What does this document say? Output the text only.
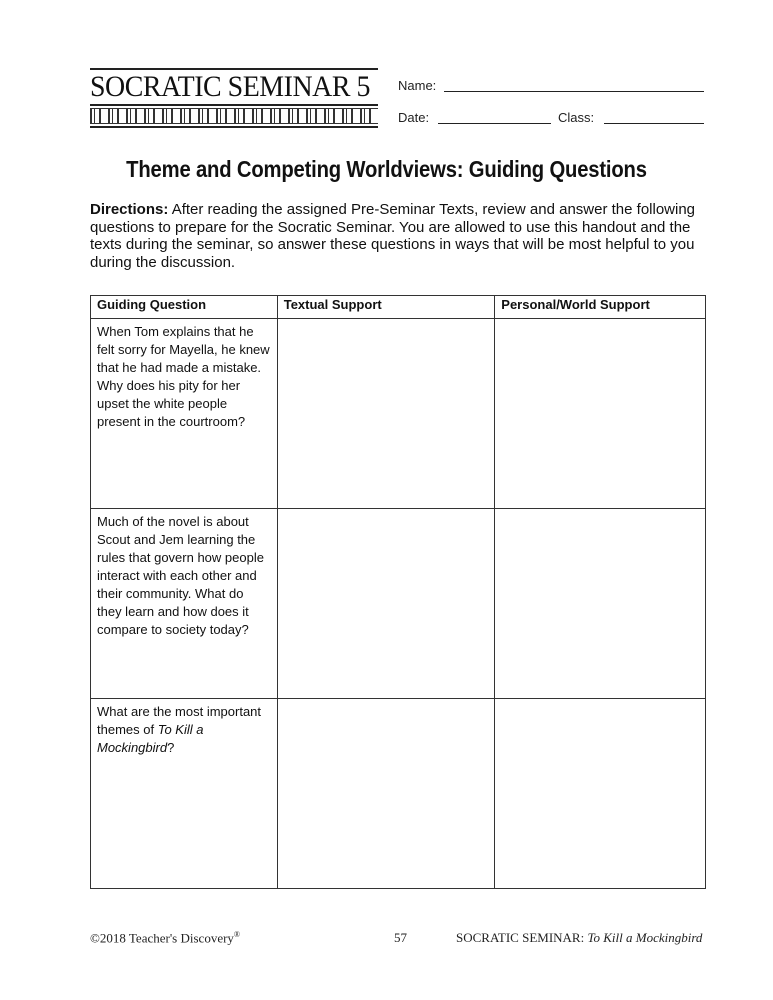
SOCRATIC SEMINAR 5 Name:
Date:	Class:
Theme and Competing Worldviews: Guiding Questions
Directions: After reading the assigned Pre-Seminar Texts, review and answer the following questions to prepare for the Socratic Seminar. You are allowed to use this handout and the texts during the seminar, so answer these questions in ways that will be most helpful to you during the discussion.
Guiding Question	Textual Support	Personal/World Support
When Tom explains that he felt sorry for Mayella, he knew that he had made a mistake. Why does his pity for her upset the white people present in the courtroom?		
Much of the novel is about Scout and Jem learning the rules that govern how people interact with each other and their community. What do they learn and how does it compare to society today?		
What are the most important themes of To Kill a Mockingbird?		
©2018 Teacher's Discovery®	57	SOCRATIC SEMINAR: To Kill a Mockingbird
